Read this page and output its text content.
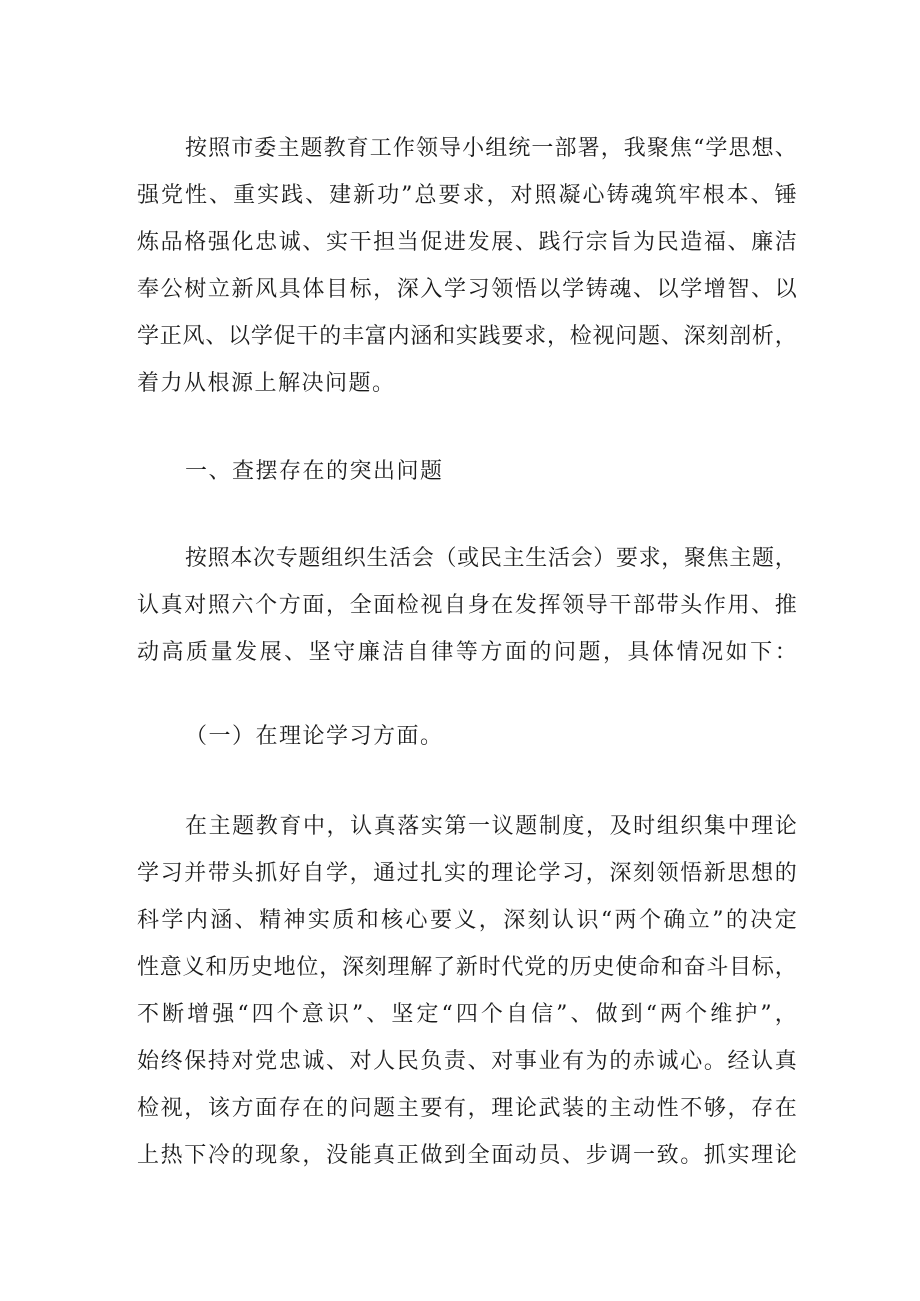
按照市委主题教育工作领导小组统一部署，我聚焦“学思想、
强党性、重实践、建新功”总要求，对照凝心铸魂筑牢根本、锤
炼品格强化忠诚、实干担当促进发展、践行宗旨为民造福、廉洁
奉公树立新风具体目标，深入学习领悟以学铸魂、以学增智、以
学正风、以学促干的丰富内涵和实践要求，检视问题、深刻剖析，
着力从根源上解决问题。
一、查摆存在的突出问题
按照本次专题组织生活会（或民主生活会）要求，聚焦主题，
认真对照六个方面，全面检视自身在发挥领导干部带头作用、推
动高质量发展、坚守廉洁自律等方面的问题，具体情况如下：
（一）在理论学习方面。
在主题教育中，认真落实第一议题制度，及时组织集中理论
学习并带头抓好自学，通过扎实的理论学习，深刻领悟新思想的
科学内涵、精神实质和核心要义，深刻认识“两个确立”的决定
性意义和历史地位，深刻理解了新时代党的历史使命和奋斗目标，
不断增强“四个意识”、坚定“四个自信”、做到“两个维护”，
始终保持对党忠诚、对人民负责、对事业有为的赤诚心。经认真
检视，该方面存在的问题主要有，理论武装的主动性不够，存在
上热下冷的现象，没能真正做到全面动员、步调一致。抓实理论
